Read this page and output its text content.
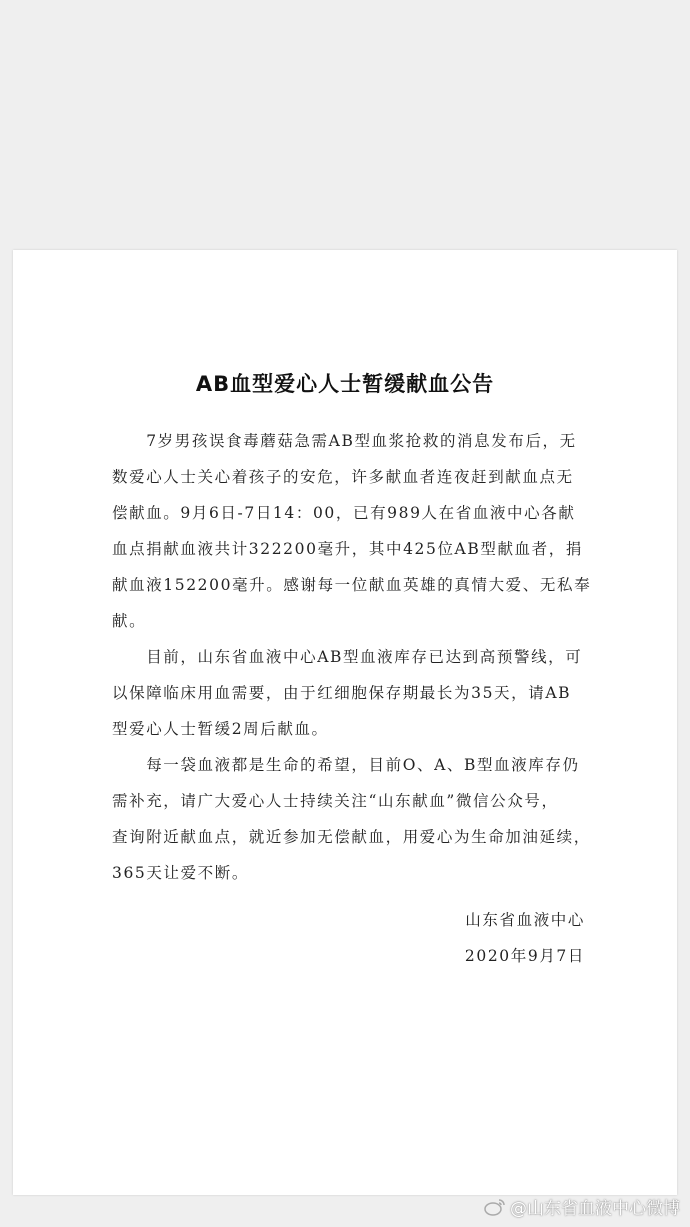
AB血型爱心人士暂缓献血公告
　　7岁男孩误食毒蘑菇急需AB型血浆抢救的消息发布后，无
数爱心人士关心着孩子的安危，许多献血者连夜赶到献血点无
偿献血。9月6日-7日14：00，已有989人在省血液中心各献
血点捐献血液共计322200毫升，其中425位AB型献血者，捐
献血液152200毫升。感谢每一位献血英雄的真情大爱、无私奉
献。
　　目前，山东省血液中心AB型血液库存已达到高预警线，可
以保障临床用血需要，由于红细胞保存期最长为35天，请AB
型爱心人士暂缓2周后献血。
　　每一袋血液都是生命的希望，目前O、A、B型血液库存仍
需补充，请广大爱心人士持续关注“山东献血”微信公众号，
查询附近献血点，就近参加无偿献血，用爱心为生命加油延续，
365天让爱不断。
山东省血液中心
2020年9月7日
@山东省血液中心微博
